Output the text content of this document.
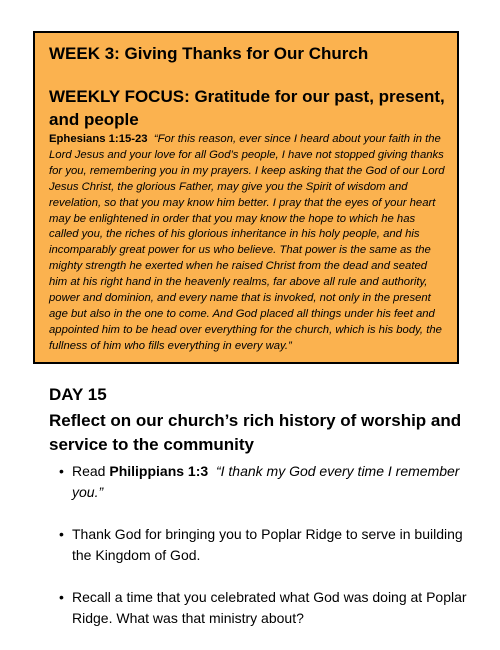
WEEK 3: Giving Thanks for Our Church

WEEKLY FOCUS: Gratitude for our past, present, and people

Ephesians 1:15-23 “For this reason, ever since I heard about your faith in the Lord Jesus and your love for all God’s people, I have not stopped giving thanks for you, remembering you in my prayers. I keep asking that the God of our Lord Jesus Christ, the glorious Father, may give you the Spirit of wisdom and revelation, so that you may know him better. I pray that the eyes of your heart may be enlightened in order that you may know the hope to which he has called you, the riches of his glorious inheritance in his holy people, and his incomparably great power for us who believe. That power is the same as the mighty strength he exerted when he raised Christ from the dead and seated him at his right hand in the heavenly realms, far above all rule and authority, power and dominion, and every name that is invoked, not only in the present age but also in the one to come. And God placed all things under his feet and appointed him to be head over everything for the church, which is his body, the fullness of him who fills everything in every way.”

DAY 15

Reflect on our church’s rich history of worship and service to the community

• Read Philippians 1:3 “I thank my God every time I remember you.”
• Thank God for bringing you to Poplar Ridge to serve in building the Kingdom of God.
• Recall a time that you celebrated what God was doing at Poplar Ridge. What was that ministry about?
